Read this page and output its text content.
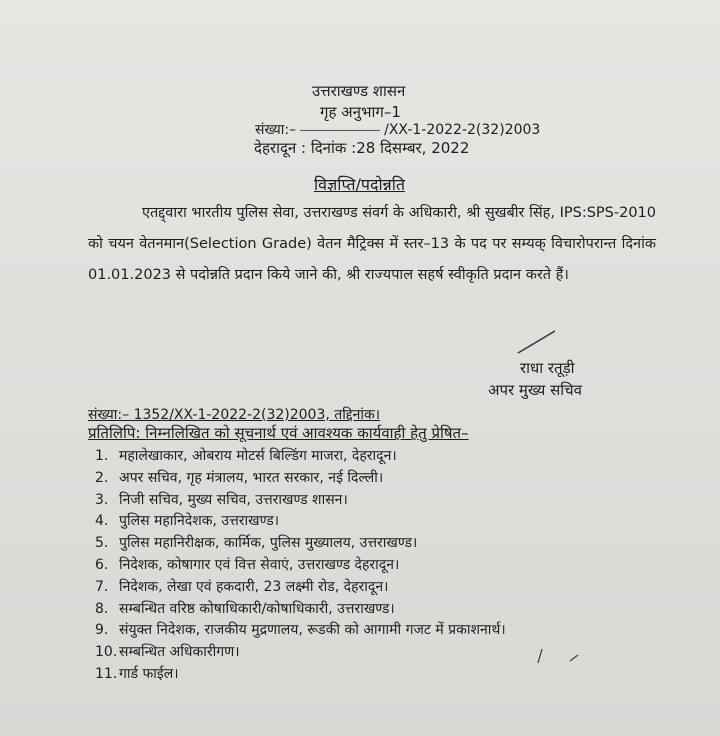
उत्तराखण्ड शासन
गृह अनुभाग–1
संख्या:–	/XX-1-2022-2(32)2003
देहरादून : दिनांक :28 दिसम्बर, 2022
विज्ञप्ति/पदोन्नति
एतद्द्वारा भारतीय पुलिस सेवा, उत्तराखण्ड संवर्ग के अधिकारी, श्री सुखबीर सिंह, IPS:SPS-2010 को चयन वेतनमान(Selection Grade) वेतन मैट्रिक्स में स्तर–13 के पद पर सम्यक् विचारोपरान्त दिनांक 01.01.2023 से पदोन्नति प्रदान किये जाने की, श्री राज्यपाल सहर्ष स्वीकृति प्रदान करते हैं।
राधा रतूड़ी
अपर मुख्य सचिव
संख्या:– 1352/XX-1-2022-2(32)2003, तद्दिनांक।
प्रतिलिपि: निम्नलिखित को सूचनार्थ एवं आवश्यक कार्यवाही हेतु प्रेषित–
1. महालेखाकार, ओबराय मोटर्स बिल्डिंग माजरा, देहरादून।
2. अपर सचिव, गृह मंत्रालय, भारत सरकार, नई दिल्ली।
3. निजी सचिव, मुख्य सचिव, उत्तराखण्ड शासन।
4. पुलिस महानिदेशक, उत्तराखण्ड।
5. पुलिस महानिरीक्षक, कार्मिक, पुलिस मुख्यालय, उत्तराखण्ड।
6. निदेशक, कोषागार एवं वित्त सेवाएं, उत्तराखण्ड देहरादून।
7. निदेशक, लेखा एवं हकदारी, 23 लक्ष्मी रोड, देहरादून।
8. सम्बन्धित वरिष्ठ कोषाधिकारी/कोषाधिकारी, उत्तराखण्ड।
9. संयुक्त निदेशक, राजकीय मुद्रणालय, रूडकी को आगामी गजट में प्रकाशनार्थ।
10. सम्बन्धित अधिकारीगण।
11. गार्ड फाईल।
